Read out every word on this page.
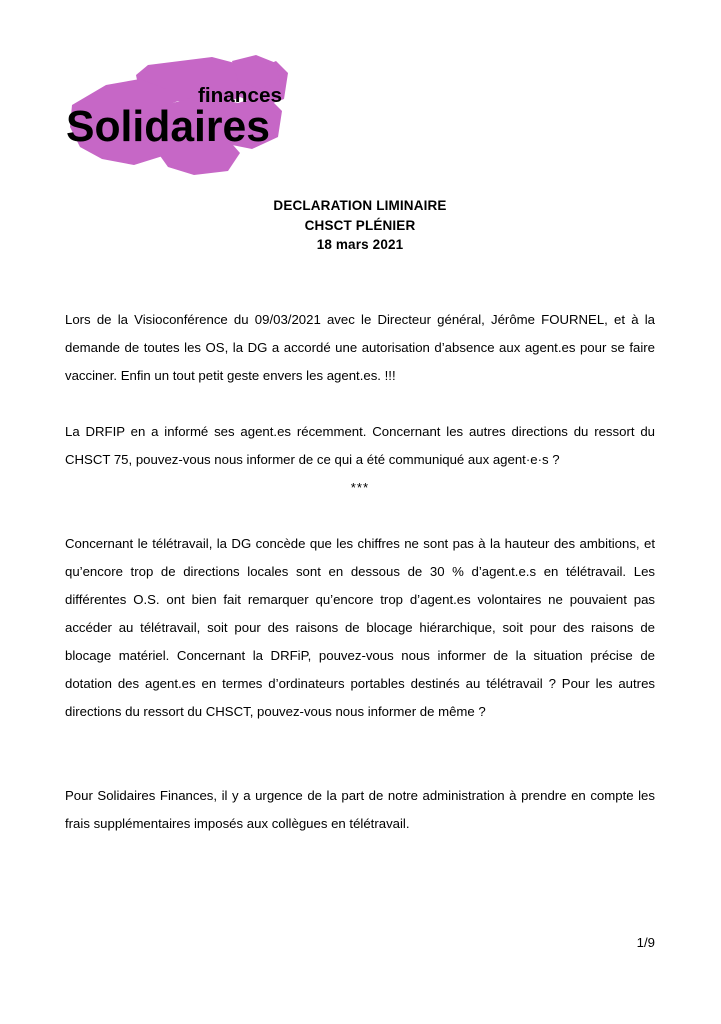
finances
Solidaires
DECLARATION LIMINAIRE
CHSCT PLÉNIER
18 mars 2021

Lors de la Visioconférence du 09/03/2021 avec le Directeur général, Jérôme FOURNEL, et à la demande de toutes les OS, la DG a accordé une autorisation d’absence aux agent.es pour se faire vacciner. Enfin un tout petit geste envers les agent.es. !!!

La DRFIP en a informé ses agent.es récemment. Concernant les autres directions du ressort du CHSCT 75, pouvez-vous nous informer de ce qui a été communiqué aux agent·e·s ?

***

Concernant le télétravail, la DG concède que les chiffres ne sont pas à la hauteur des ambitions, et qu’encore trop de directions locales sont en dessous de 30 % d’agent.e.s en télétravail. Les différentes O.S. ont bien fait remarquer qu’encore trop d’agent.es volontaires ne pouvaient pas accéder au télétravail, soit pour des raisons de blocage hiérarchique, soit pour des raisons de blocage matériel. Concernant la DRFiP, pouvez-vous nous informer de la situation précise de dotation des agent.es en termes d’ordinateurs portables destinés au télétravail ? Pour les autres directions du ressort du CHSCT, pouvez-vous nous informer de même ?

Pour Solidaires Finances, il y a urgence de la part de notre administration à prendre en compte les frais supplémentaires imposés aux collègues en télétravail.

1/9
